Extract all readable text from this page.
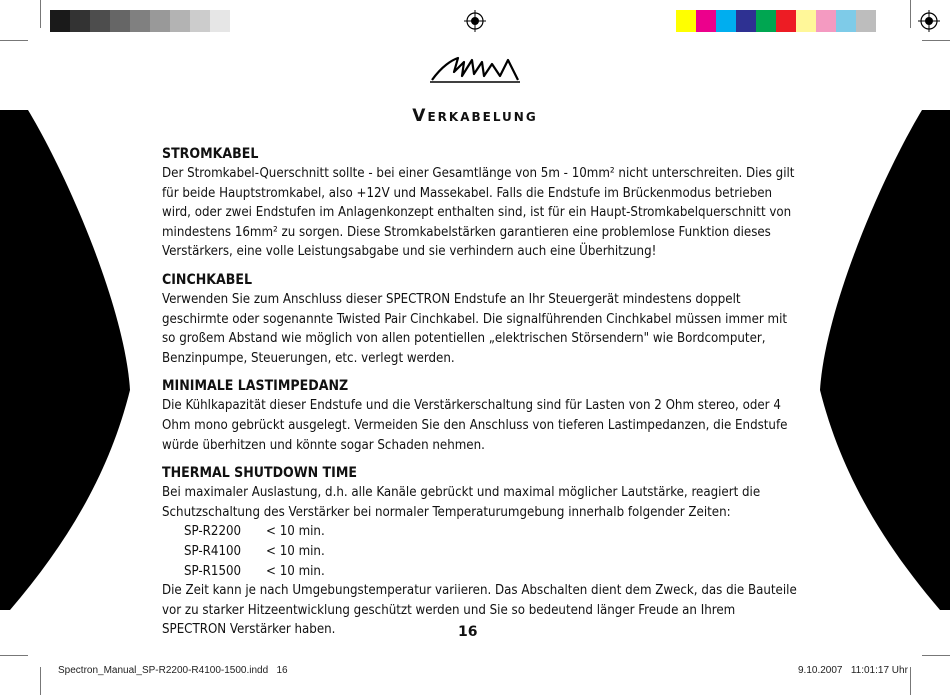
Verkabelung
STROMKABEL

Der Stromkabel-Querschnitt sollte - bei einer Gesamtlänge von 5m - 10mm² nicht unterschreiten. Dies gilt für beide Hauptstromkabel, also +12V und Massekabel. Falls die Endstufe im Brückenmodus betrieben wird, oder zwei Endstufen im Anlagenkonzept enthalten sind, ist für ein Haupt-Stromkabelquerschnitt von mindestens 16mm² zu sorgen. Diese Stromkabelstärken garantieren eine problemlose Funktion dieses Verstärkers, eine volle Leistungsabgabe und sie verhindern auch eine Überhitzung!

CINCHKABEL

Verwenden Sie zum Anschluss dieser SPECTRON Endstufe an Ihr Steuergerät mindestens doppelt geschirmte oder sogenannte Twisted Pair Cinchkabel. Die signalführenden Cinchkabel müssen immer mit so großem Abstand wie möglich von allen potentiellen „elektrischen Störsendern" wie Bordcomputer, Benzinpumpe, Steuerungen, etc. verlegt werden.

MINIMALE LASTIMPEDANZ

Die Kühlkapazität dieser Endstufe und die Verstärkerschaltung sind für Lasten von 2 Ohm stereo, oder 4 Ohm mono gebrückt ausgelegt. Vermeiden Sie den Anschluss von tieferen Lastimpedanzen, die Endstufe würde überhitzen und könnte sogar Schaden nehmen.

THERMAL SHUTDOWN TIME

Bei maximaler Auslastung, d.h. alle Kanäle gebrückt und maximal möglicher Lautstärke, reagiert die Schutzschaltung des Verstärker bei normaler Temperaturumgebung innerhalb folgender Zeiten:

SP-R2200	< 10 min.
SP-R4100	< 10 min.
SP-R1500	< 10 min.

Die Zeit kann je nach Umgebungstemperatur variieren. Das Abschalten dient dem Zweck, das die Bauteile vor zu starker Hitzeentwicklung geschützt werden und Sie so bedeutend länger Freude an Ihrem SPECTRON Verstärker haben.	16
Spectron_Manual_SP-R2200-R4100-1500.indd   16	9.10.2007   11:01:17 Uhr
